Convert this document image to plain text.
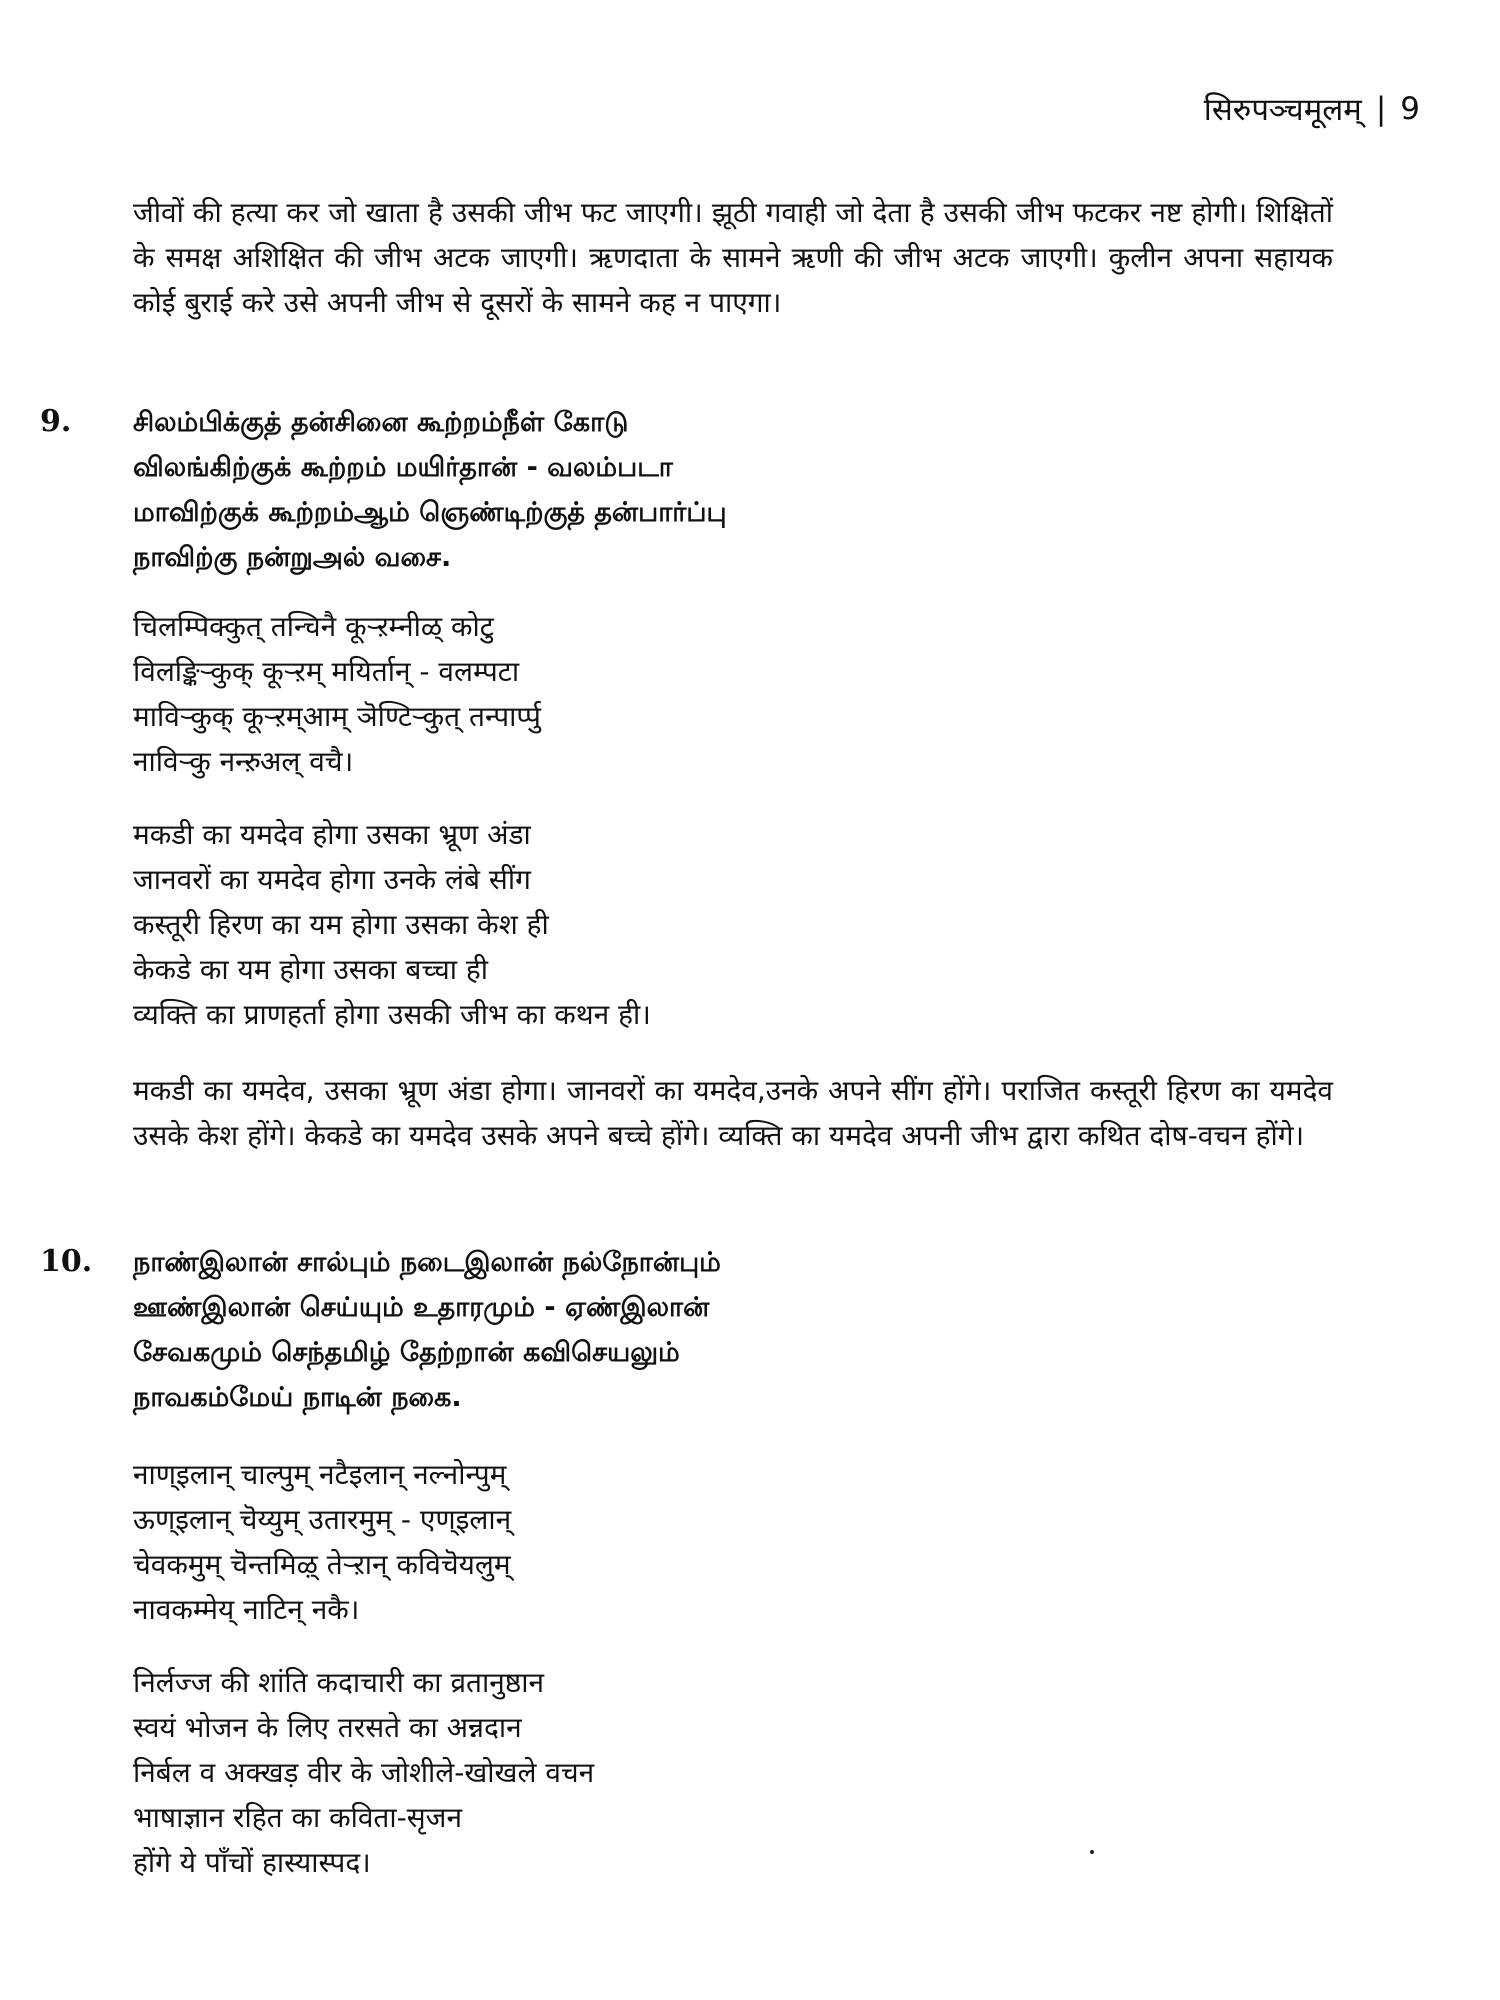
सिरुपञ्चमूलम् | 9

जीवों की हत्या कर जो खाता है उसकी जीभ फट जाएगी। झूठी गवाही जो देता है उसकी जीभ फटकर नष्ट होगी। शिक्षितों के समक्ष अशिक्षित की जीभ अटक जाएगी। ऋणदाता के सामने ऋणी की जीभ अटक जाएगी। कुलीन अपना सहायक कोई बुराई करे उसे अपनी जीभ से दूसरों के सामने कह न पाएगा।

9. சிலம்பிக்குத் தன்சினை கூற்றம்நீள் கோடு
விலங்கிற்குக் கூற்றம் மயிர்தான் - வலம்படா
மாவிற்குக் கூற்றம்ஆம் ஞெண்டிற்குத் தன்பார்ப்பு
நாவிற்கு நன்றுஅல் வசை.
चिलम्पिक्कुत् तन्चिनै कूऱ्ऱम्नीळ् कोटु
विलङ्किऱ्कुक् कूऱ्ऱम् मयिर्तान् - वलम्पटा
माविऱ्कुक् कूऱ्ऱम्आम् ञॆण्टिऱ्कुत् तन्पार्प्पु
नाविऱ्कु नन्ऱुअल् वचै।
मकडी का यमदेव होगा उसका भ्रूण अंडा
जानवरों का यमदेव होगा उनके लंबे सींग
कस्तूरी हिरण का यम होगा उसका केश ही
केकडे का यम होगा उसका बच्चा ही
व्यक्ति का प्राणहर्ता होगा उसकी जीभ का कथन ही।

मकडी का यमदेव, उसका भ्रूण अंडा होगा। जानवरों का यमदेव,उनके अपने सींग होंगे। पराजित कस्तूरी हिरण का यमदेव उसके केश होंगे। केकडे का यमदेव उसके अपने बच्चे होंगे। व्यक्ति का यमदेव अपनी जीभ द्वारा कथित दोष-वचन होंगे।

10. நாண்இலான் சால்பும் நடைஇலான் நல்நோன்பும்
ஊண்இலான் செய்யும் உதாரமும் - ஏண்இலான்
சேவகமும் செந்தமிழ் தேற்றான் கவிசெயலும்
நாவகம்மேய் நாடின் நகை.
नाण्इलान् चाल्पुम् नटैइलान् नल्नोन्पुम्
ऊण्इलान् चॆय्युम् उतारमुम् - एण्इलान्
चेवकमुम् चॆन्तमिऴ् तेऱ्ऱान् कविचॆयलुम्
नावकम्मेय् नाटिन् नकै।
निर्लज्ज की शांति कदाचारी का व्रतानुष्ठान
स्वयं भोजन के लिए तरसते का अन्नदान
निर्बल व अक्खड़ वीर के जोशीले-खोखले वचन
भाषाज्ञान रहित का कविता-सृजन
होंगे ये पाँचों हास्यास्पद।
